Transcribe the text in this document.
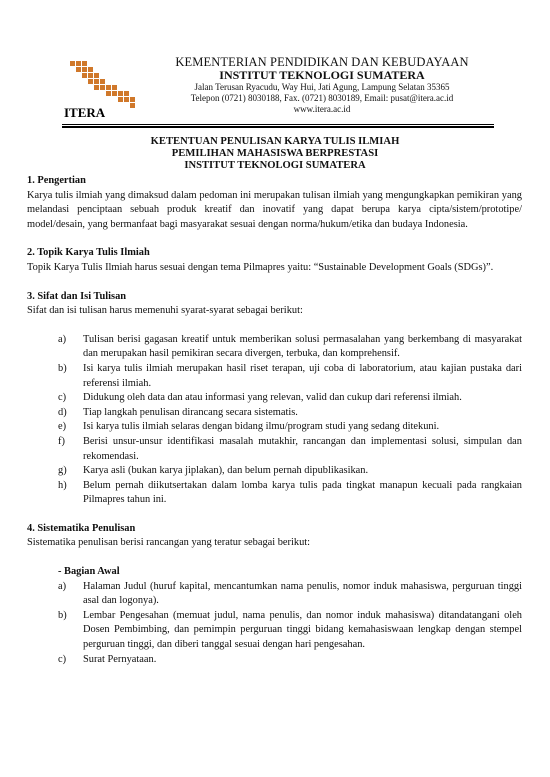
ITERA
KEMENTERIAN PENDIDIKAN DAN KEBUDAYAAN
INSTITUT TEKNOLOGI SUMATERA
Jalan Terusan Ryacudu, Way Hui, Jati Agung, Lampung Selatan 35365
Telepon (0721) 8030188, Fax. (0721) 8030189, Email: pusat@itera.ac.id
www.itera.ac.id
KETENTUAN PENULISAN KARYA TULIS ILMIAH
PEMILIHAN MAHASISWA BERPRESTASI
INSTITUT TEKNOLOGI SUMATERA

1. Pengertian

Karya tulis ilmiah yang dimaksud dalam pedoman ini merupakan tulisan ilmiah yang mengungkapkan pemikiran yang melandasi penciptaan sebuah produk kreatif dan inovatif yang dapat berupa karya cipta/sistem/prototipe/ model/desain, yang bermanfaat bagi masyarakat sesuai dengan norma/hukum/etika dan budaya Indonesia.

2. Topik Karya Tulis Ilmiah

Topik Karya Tulis Ilmiah harus sesuai dengan tema Pilmapres yaitu: “Sustainable Development Goals (SDGs)”.

3. Sifat dan Isi Tulisan

Sifat dan isi tulisan harus memenuhi syarat-syarat sebagai berikut:

a) Tulisan berisi gagasan kreatif untuk memberikan solusi permasalahan yang berkembang di masyarakat dan merupakan hasil pemikiran secara divergen, terbuka, dan komprehensif.
b) Isi karya tulis ilmiah merupakan hasil riset terapan, uji coba di laboratorium, atau kajian pustaka dari referensi ilmiah.
c) Didukung oleh data dan atau informasi yang relevan, valid dan cukup dari referensi ilmiah.
d) Tiap langkah penulisan dirancang secara sistematis.
e) Isi karya tulis ilmiah selaras dengan bidang ilmu/program studi yang sedang ditekuni.
f) Berisi unsur-unsur identifikasi masalah mutakhir, rancangan dan implementasi solusi, simpulan dan rekomendasi.
g) Karya asli (bukan karya jiplakan), dan belum pernah dipublikasikan.
h) Belum pernah diikutsertakan dalam lomba karya tulis pada tingkat manapun kecuali pada rangkaian Pilmapres tahun ini.

4. Sistematika Penulisan

Sistematika penulisan berisi rancangan yang teratur sebagai berikut:

- Bagian Awal

a) Halaman Judul (huruf kapital, mencantumkan nama penulis, nomor induk mahasiswa, perguruan tinggi asal dan logonya).
b) Lembar Pengesahan (memuat judul, nama penulis, dan nomor induk mahasiswa) ditandatangani oleh Dosen Pembimbing, dan pemimpin perguruan tinggi bidang kemahasiswaan lengkap dengan stempel perguruan tinggi, dan diberi tanggal sesuai dengan hari pengesahan.
c) Surat Pernyataan.
